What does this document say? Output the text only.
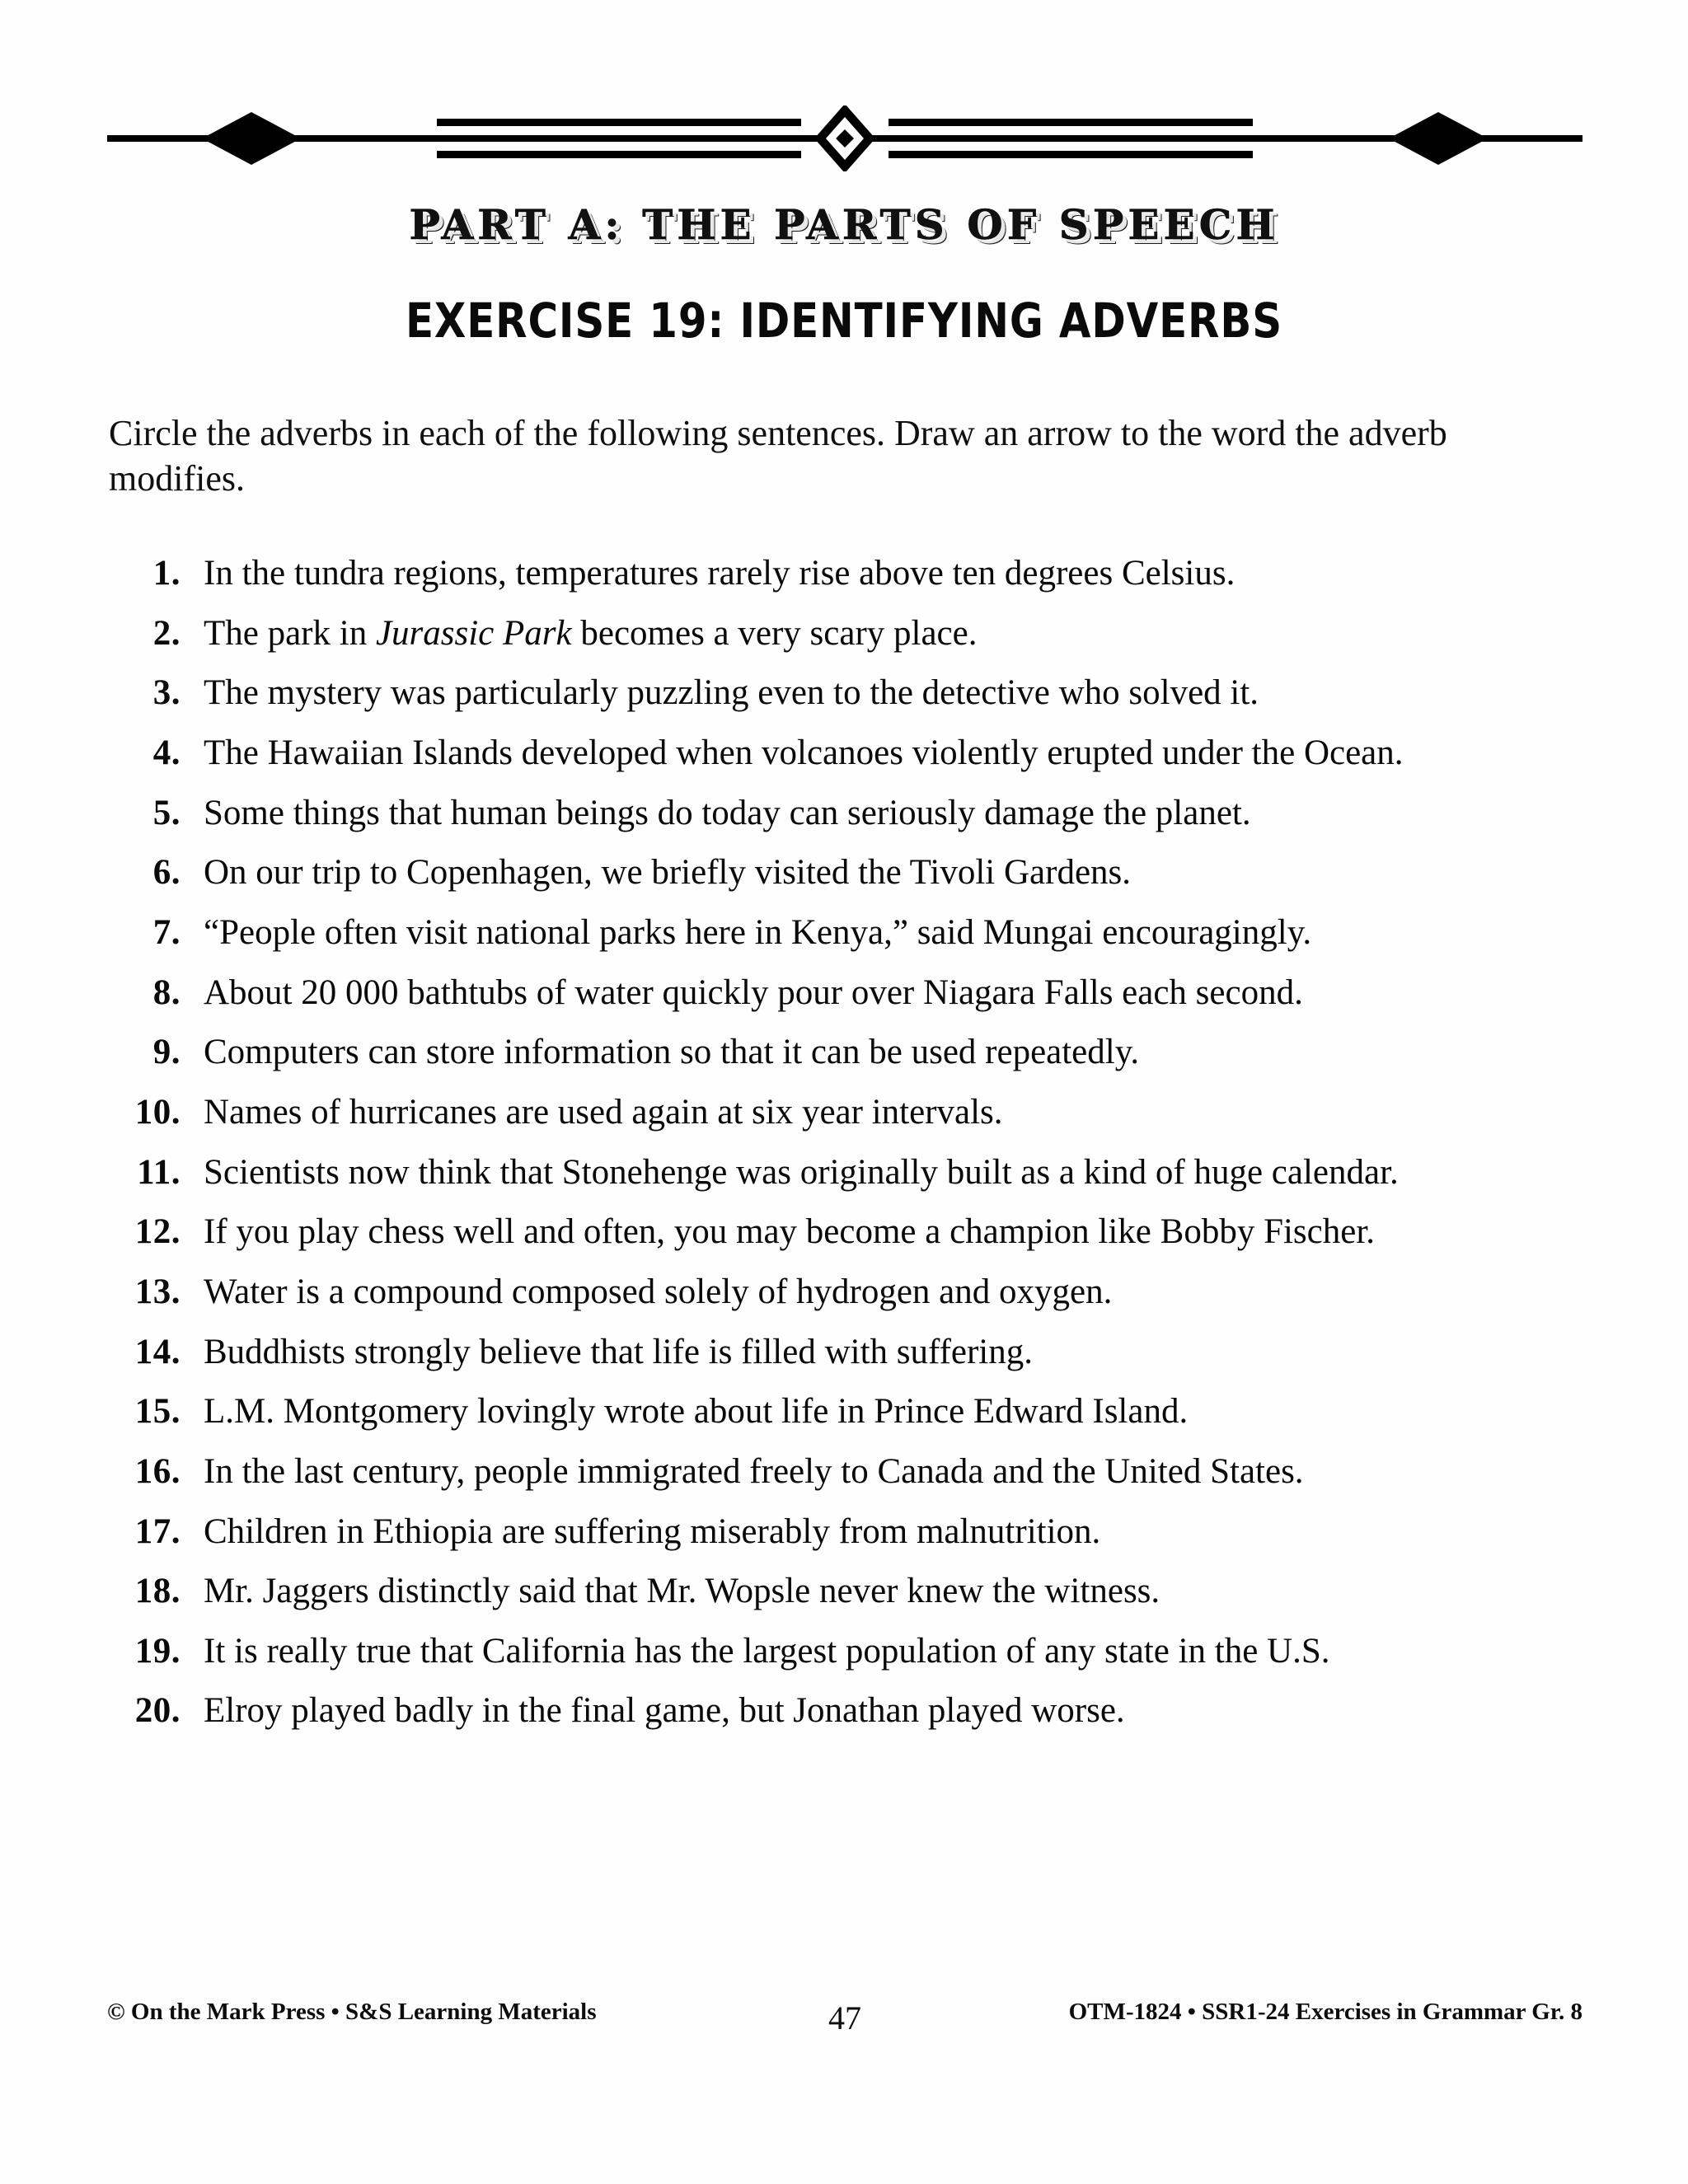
PART A: THE PARTS OF SPEECH
EXERCISE 19: IDENTIFYING ADVERBS
Circle the adverbs in each of the following sentences. Draw an arrow to the word the adverb modifies.
1. In the tundra regions, temperatures rarely rise above ten degrees Celsius.
2. The park in Jurassic Park becomes a very scary place.
3. The mystery was particularly puzzling even to the detective who solved it.
4. The Hawaiian Islands developed when volcanoes violently erupted under the Ocean.
5. Some things that human beings do today can seriously damage the planet.
6. On our trip to Copenhagen, we briefly visited the Tivoli Gardens.
7. “People often visit national parks here in Kenya,” said Mungai encouragingly.
8. About 20 000 bathtubs of water quickly pour over Niagara Falls each second.
9. Computers can store information so that it can be used repeatedly.
10. Names of hurricanes are used again at six year intervals.
11. Scientists now think that Stonehenge was originally built as a kind of huge calendar.
12. If you play chess well and often, you may become a champion like Bobby Fischer.
13. Water is a compound composed solely of hydrogen and oxygen.
14. Buddhists strongly believe that life is filled with suffering.
15. L.M. Montgomery lovingly wrote about life in Prince Edward Island.
16. In the last century, people immigrated freely to Canada and the United States.
17. Children in Ethiopia are suffering miserably from malnutrition.
18. Mr. Jaggers distinctly said that Mr. Wopsle never knew the witness.
19. It is really true that California has the largest population of any state in the U.S.
20. Elroy played badly in the final game, but Jonathan played worse.
© On the Mark Press • S&S Learning Materials	47	OTM-1824 • SSR1-24 Exercises in Grammar Gr. 8
